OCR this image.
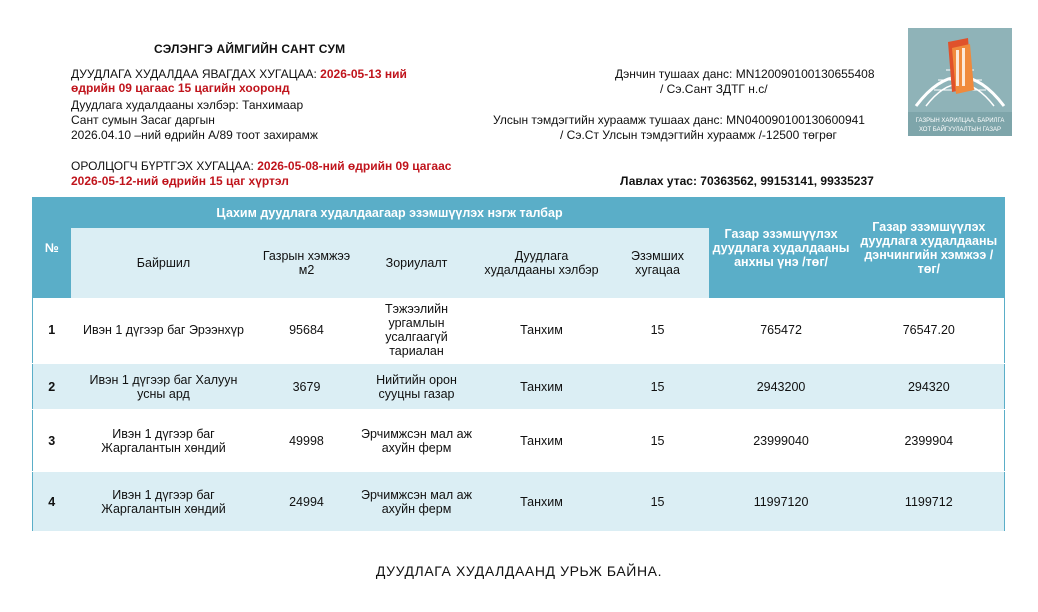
СЭЛЭНГЭ АЙМГИЙН САНТ СУМ
ДУУДЛАГА ХУДАЛДАА ЯВАГДАХ ХУГАЦАА: 2026-05-13 ний
өдрийн 09 цагаас 15 цагийн хооронд
Дуудлага худалдааны хэлбэр: Танхимаар
Сант сумын Засаг даргын
2026.04.10 –ний өдрийн А/89 тоот захирамж
ОРОЛЦОГЧ БҮРТГЭХ ХУГАЦАА: 2026-05-08-ний өдрийн 09 цагаас
2026-05-12-ний өдрийн 15 цаг хүртэл
Дэнчин тушаах данс: MN120090100130655408
/ Сэ.Сант ЗДТГ н.с/
Улсын тэмдэгтийн хураамж тушаах данс: MN040090100130600941
/ Сэ.Ст Улсын тэмдэгтийн хураамж /-12500 төгрөг
Лавлах утас: 70363562, 99153141, 99335237
ГАЗРЫН ХАРИЛЦАА, БАРИЛГА
ХОТ БАЙГУУЛАЛТЫН ГАЗАР
№	Цахим дуудлага худалдаагаар эзэмшүүлэх нэгж талбар					Газар эзэмшүүлэх дуудлага худалдааны анхны үнэ /төг/	Газар эзэмшүүлэх дуудлага худалдааны дэнчингийн хэмжээ /төг/
	Байршил	Газрын хэмжээ м2	Зориулалт	Дуудлага худалдааны хэлбэр	Эзэмших хугацаа		
1	Ивэн 1 дүгээр баг Эрээнхүр	95684	Тэжээлийн ургамлын усалгаагүй тариалан	Танхим	15	765472	76547.20
2	Ивэн 1 дүгээр баг Халуун усны ард	3679	Нийтийн орон сууцны газар	Танхим	15	2943200	294320
3	Ивэн 1 дүгээр баг Жаргалантын хөндий	49998	Эрчимжсэн мал аж ахуйн ферм	Танхим	15	23999040	2399904
4	Ивэн 1 дүгээр баг Жаргалантын хөндий	24994	Эрчимжсэн мал аж ахуйн ферм	Танхим	15	11997120	1199712
ДУУДЛАГА ХУДАЛДААНД УРЬЖ БАЙНА.
